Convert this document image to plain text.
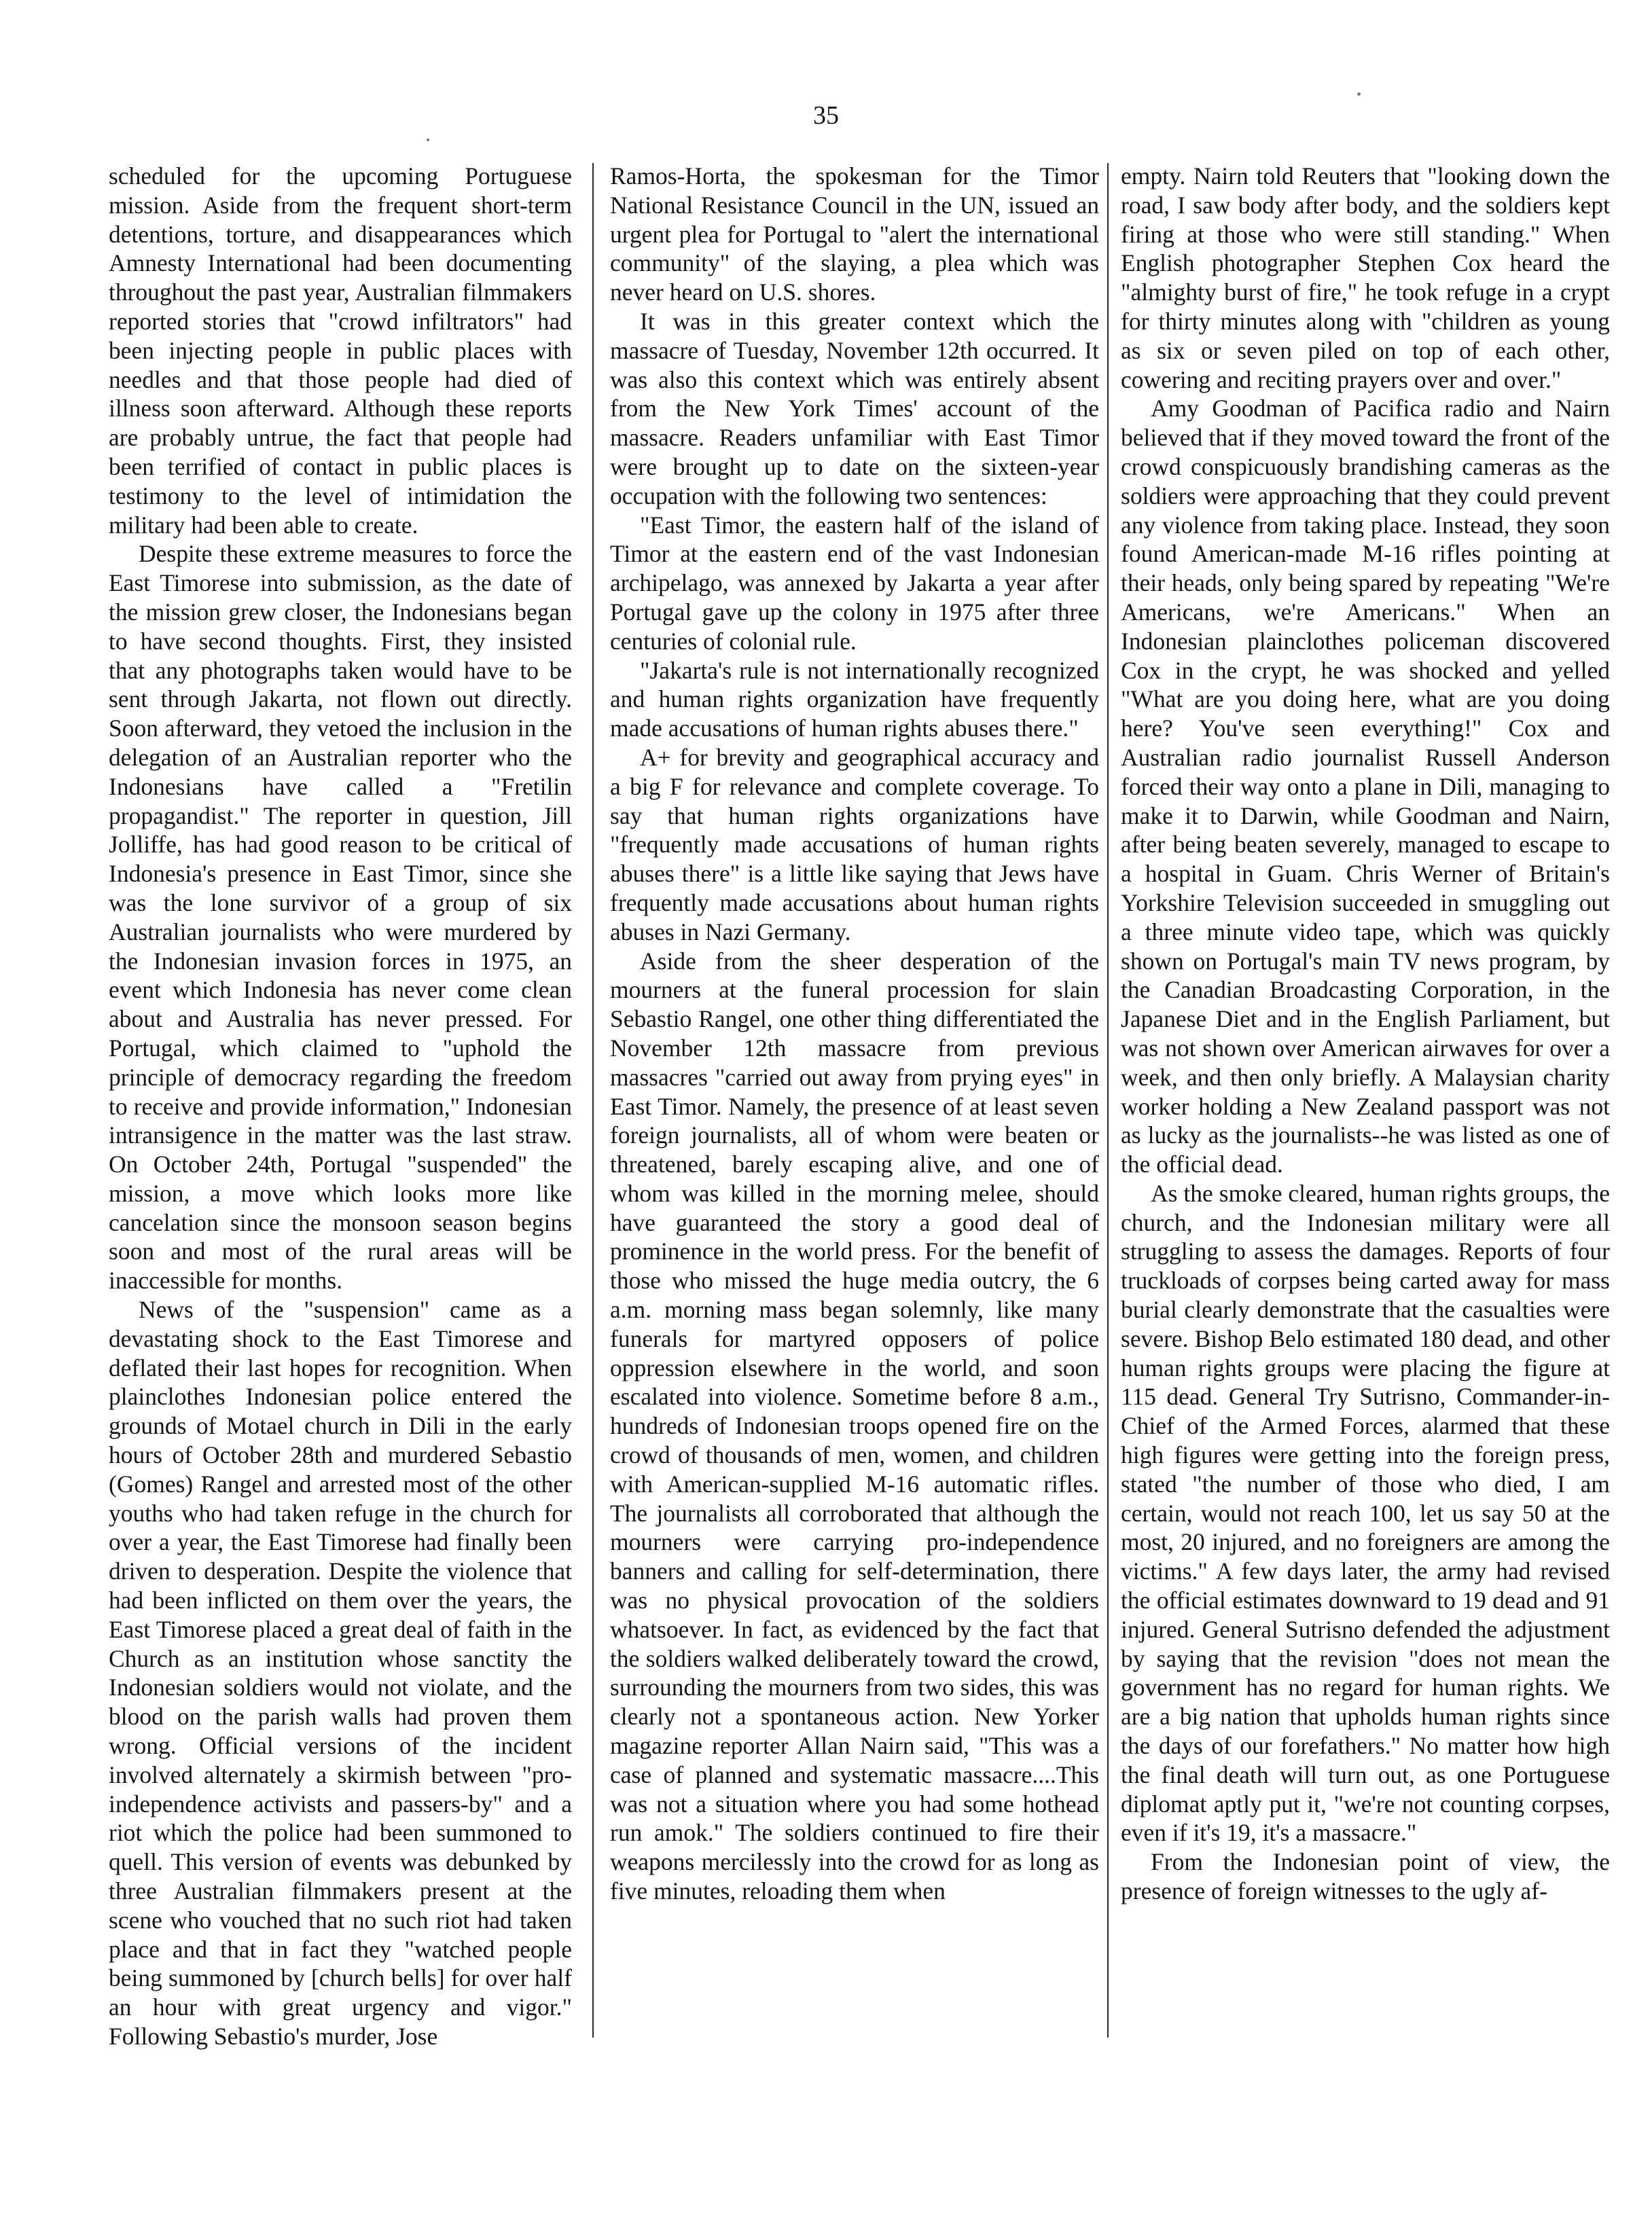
35

scheduled for the upcoming Portuguese mission. Aside from the frequent short-term detentions, torture, and disappearances which Amnesty International had been documenting throughout the past year, Australian filmmakers reported stories that "crowd infiltrators" had been injecting people in public places with needles and that those people had died of illness soon afterward. Although these reports are probably untrue, the fact that people had been terrified of contact in public places is testimony to the level of intimidation the military had been able to create.

Despite these extreme measures to force the East Timorese into submission, as the date of the mission grew closer, the Indonesians began to have second thoughts. First, they insisted that any photographs taken would have to be sent through Jakarta, not flown out directly. Soon afterward, they vetoed the inclusion in the delegation of an Australian reporter who the Indonesians have called a "Fretilin propagandist." The reporter in question, Jill Jolliffe, has had good reason to be critical of Indonesia's presence in East Timor, since she was the lone survivor of a group of six Australian journalists who were murdered by the Indonesian invasion forces in 1975, an event which Indonesia has never come clean about and Australia has never pressed. For Portugal, which claimed to "uphold the principle of democracy regarding the freedom to receive and provide information," Indonesian intransigence in the matter was the last straw. On October 24th, Portugal "suspended" the mission, a move which looks more like cancelation since the monsoon season begins soon and most of the rural areas will be inaccessible for months.

News of the "suspension" came as a devastating shock to the East Timorese and deflated their last hopes for recognition. When plainclothes Indonesian police entered the grounds of Motael church in Dili in the early hours of October 28th and murdered Sebastio (Gomes) Rangel and arrested most of the other youths who had taken refuge in the church for over a year, the East Timorese had finally been driven to desperation. Despite the violence that had been inflicted on them over the years, the East Timorese placed a great deal of faith in the Church as an institution whose sanctity the Indonesian soldiers would not violate, and the blood on the parish walls had proven them wrong. Official versions of the incident involved alternately a skirmish between "pro-independence activists and passers-by" and a riot which the police had been summoned to quell. This version of events was debunked by three Australian filmmakers present at the scene who vouched that no such riot had taken place and that in fact they "watched people being summoned by [church bells] for over half an hour with great urgency and vigor." Following Sebastio's murder, Jose

Ramos-Horta, the spokesman for the Timor National Resistance Council in the UN, issued an urgent plea for Portugal to "alert the international community" of the slaying, a plea which was never heard on U.S. shores.

It was in this greater context which the massacre of Tuesday, November 12th occurred. It was also this context which was entirely absent from the New York Times' account of the massacre. Readers unfamiliar with East Timor were brought up to date on the sixteen-year occupation with the following two sentences:

"East Timor, the eastern half of the island of Timor at the eastern end of the vast Indonesian archipelago, was annexed by Jakarta a year after Portugal gave up the colony in 1975 after three centuries of colonial rule.

"Jakarta's rule is not internationally recognized and human rights organization have frequently made accusations of human rights abuses there."

A+ for brevity and geographical accuracy and a big F for relevance and complete coverage. To say that human rights organizations have "frequently made accusations of human rights abuses there" is a little like saying that Jews have frequently made accusations about human rights abuses in Nazi Germany.

Aside from the sheer desperation of the mourners at the funeral procession for slain Sebastio Rangel, one other thing differentiated the November 12th massacre from previous massacres "carried out away from prying eyes" in East Timor. Namely, the presence of at least seven foreign journalists, all of whom were beaten or threatened, barely escaping alive, and one of whom was killed in the morning melee, should have guaranteed the story a good deal of prominence in the world press. For the benefit of those who missed the huge media outcry, the 6 a.m. morning mass began solemnly, like many funerals for martyred opposers of police oppression elsewhere in the world, and soon escalated into violence. Sometime before 8 a.m., hundreds of Indonesian troops opened fire on the crowd of thousands of men, women, and children with American-supplied M-16 automatic rifles. The journalists all corroborated that although the mourners were carrying pro-independence banners and calling for self-determination, there was no physical provocation of the soldiers whatsoever. In fact, as evidenced by the fact that the soldiers walked deliberately toward the crowd, surrounding the mourners from two sides, this was clearly not a spontaneous action. New Yorker magazine reporter Allan Nairn said, "This was a case of planned and systematic massacre....This was not a situation where you had some hothead run amok." The soldiers continued to fire their weapons mercilessly into the crowd for as long as five minutes, reloading them when

empty. Nairn told Reuters that "looking down the road, I saw body after body, and the soldiers kept firing at those who were still standing." When English photographer Stephen Cox heard the "almighty burst of fire," he took refuge in a crypt for thirty minutes along with "children as young as six or seven piled on top of each other, cowering and reciting prayers over and over."

Amy Goodman of Pacifica radio and Nairn believed that if they moved toward the front of the crowd conspicuously brandishing cameras as the soldiers were approaching that they could prevent any violence from taking place. Instead, they soon found American-made M-16 rifles pointing at their heads, only being spared by repeating "We're Americans, we're Americans." When an Indonesian plainclothes policeman discovered Cox in the crypt, he was shocked and yelled "What are you doing here, what are you doing here? You've seen everything!" Cox and Australian radio journalist Russell Anderson forced their way onto a plane in Dili, managing to make it to Darwin, while Goodman and Nairn, after being beaten severely, managed to escape to a hospital in Guam. Chris Werner of Britain's Yorkshire Television succeeded in smuggling out a three minute video tape, which was quickly shown on Portugal's main TV news program, by the Canadian Broadcasting Corporation, in the Japanese Diet and in the English Parliament, but was not shown over American airwaves for over a week, and then only briefly. A Malaysian charity worker holding a New Zealand passport was not as lucky as the journalists--he was listed as one of the official dead.

As the smoke cleared, human rights groups, the church, and the Indonesian military were all struggling to assess the damages. Reports of four truckloads of corpses being carted away for mass burial clearly demonstrate that the casualties were severe. Bishop Belo estimated 180 dead, and other human rights groups were placing the figure at 115 dead. General Try Sutrisno, Commander-in-Chief of the Armed Forces, alarmed that these high figures were getting into the foreign press, stated "the number of those who died, I am certain, would not reach 100, let us say 50 at the most, 20 injured, and no foreigners are among the victims." A few days later, the army had revised the official estimates downward to 19 dead and 91 injured. General Sutrisno defended the adjustment by saying that the revision "does not mean the government has no regard for human rights. We are a big nation that upholds human rights since the days of our forefathers." No matter how high the final death will turn out, as one Portuguese diplomat aptly put it, "we're not counting corpses, even if it's 19, it's a massacre."

From the Indonesian point of view, the presence of foreign witnesses to the ugly af-
